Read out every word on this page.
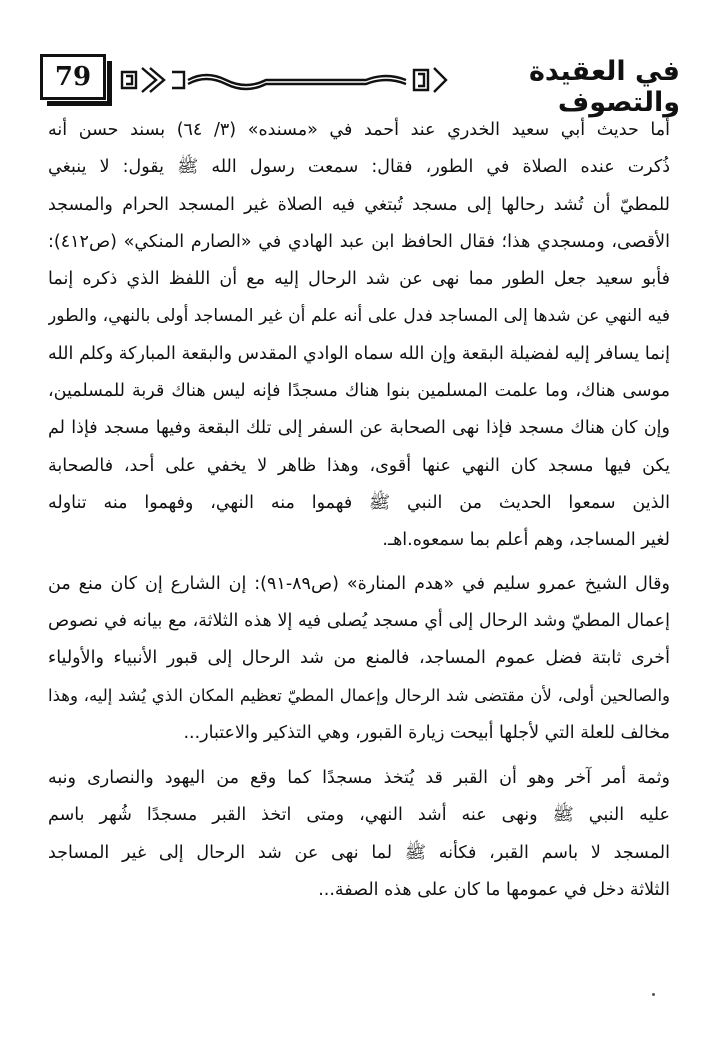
79	في العقيدة والتصوف
أما حديث أبي سعيد الخدري عند أحمد في «مسنده» (٣/ ٦٤) بسند حسن أنه
ذُكرت عنده الصلاة في الطور، فقال: سمعت رسول الله ﷺ يقول: لا ينبغي
للمطيّ أن تُشد رحالها إلى مسجد تُبتغي فيه الصلاة غير المسجد الحرام والمسجد
الأقصى، ومسجدي هذا؛ فقال الحافظ ابن عبد الهادي في «الصارم المنكي» (ص٤١٢):
فأبو سعيد جعل الطور مما نهى عن شد الرحال إليه مع أن اللفظ الذي ذكره إنما
فيه النهي عن شدها إلى المساجد فدل على أنه علم أن غير المساجد أولى بالنهي، والطور
إنما يسافر إليه لفضيلة البقعة وإن الله سماه الوادي المقدس والبقعة المباركة وكلم الله
موسى هناك، وما علمت المسلمين بنوا هناك مسجدًا فإنه ليس هناك قربة للمسلمين،
وإن كان هناك مسجد فإذا نهى الصحابة عن السفر إلى تلك البقعة وفيها مسجد فإذا لم
يكن فيها مسجد كان النهي عنها أقوى، وهذا ظاهر لا يخفي على أحد، فالصحابة
الذين سمعوا الحديث من النبي ﷺ فهموا منه النهي، وفهموا منه تناوله
لغير المساجد، وهم أعلم بما سمعوه.اهـ.
وقال الشيخ عمرو سليم في «هدم المنارة» (ص٨٩-٩١): إن الشارع إن كان منع من
إعمال المطيّ وشد الرحال إلى أي مسجد يُصلى فيه إلا هذه الثلاثة، مع بيانه في نصوص
أخرى ثابتة فضل عموم المساجد، فالمنع من شد الرحال إلى قبور الأنبياء والأولياء
والصالحين أولى، لأن مقتضى شد الرحال وإعمال المطيّ تعظيم المكان الذي يُشد إليه، وهذا
مخالف للعلة التي لأجلها أبيحت زيارة القبور، وهي التذكير والاعتبار...
وثمة أمر آخر وهو أن القبر قد يُتخذ مسجدًا كما وقع من اليهود والنصارى ونبه
عليه النبي ﷺ ونهى عنه أشد النهي، ومتى اتخذ القبر مسجدًا شُهر باسم
المسجد لا باسم القبر، فكأنه ﷺ لما نهى عن شد الرحال إلى غير المساجد
الثلاثة دخل في عمومها ما كان على هذه الصفة...
